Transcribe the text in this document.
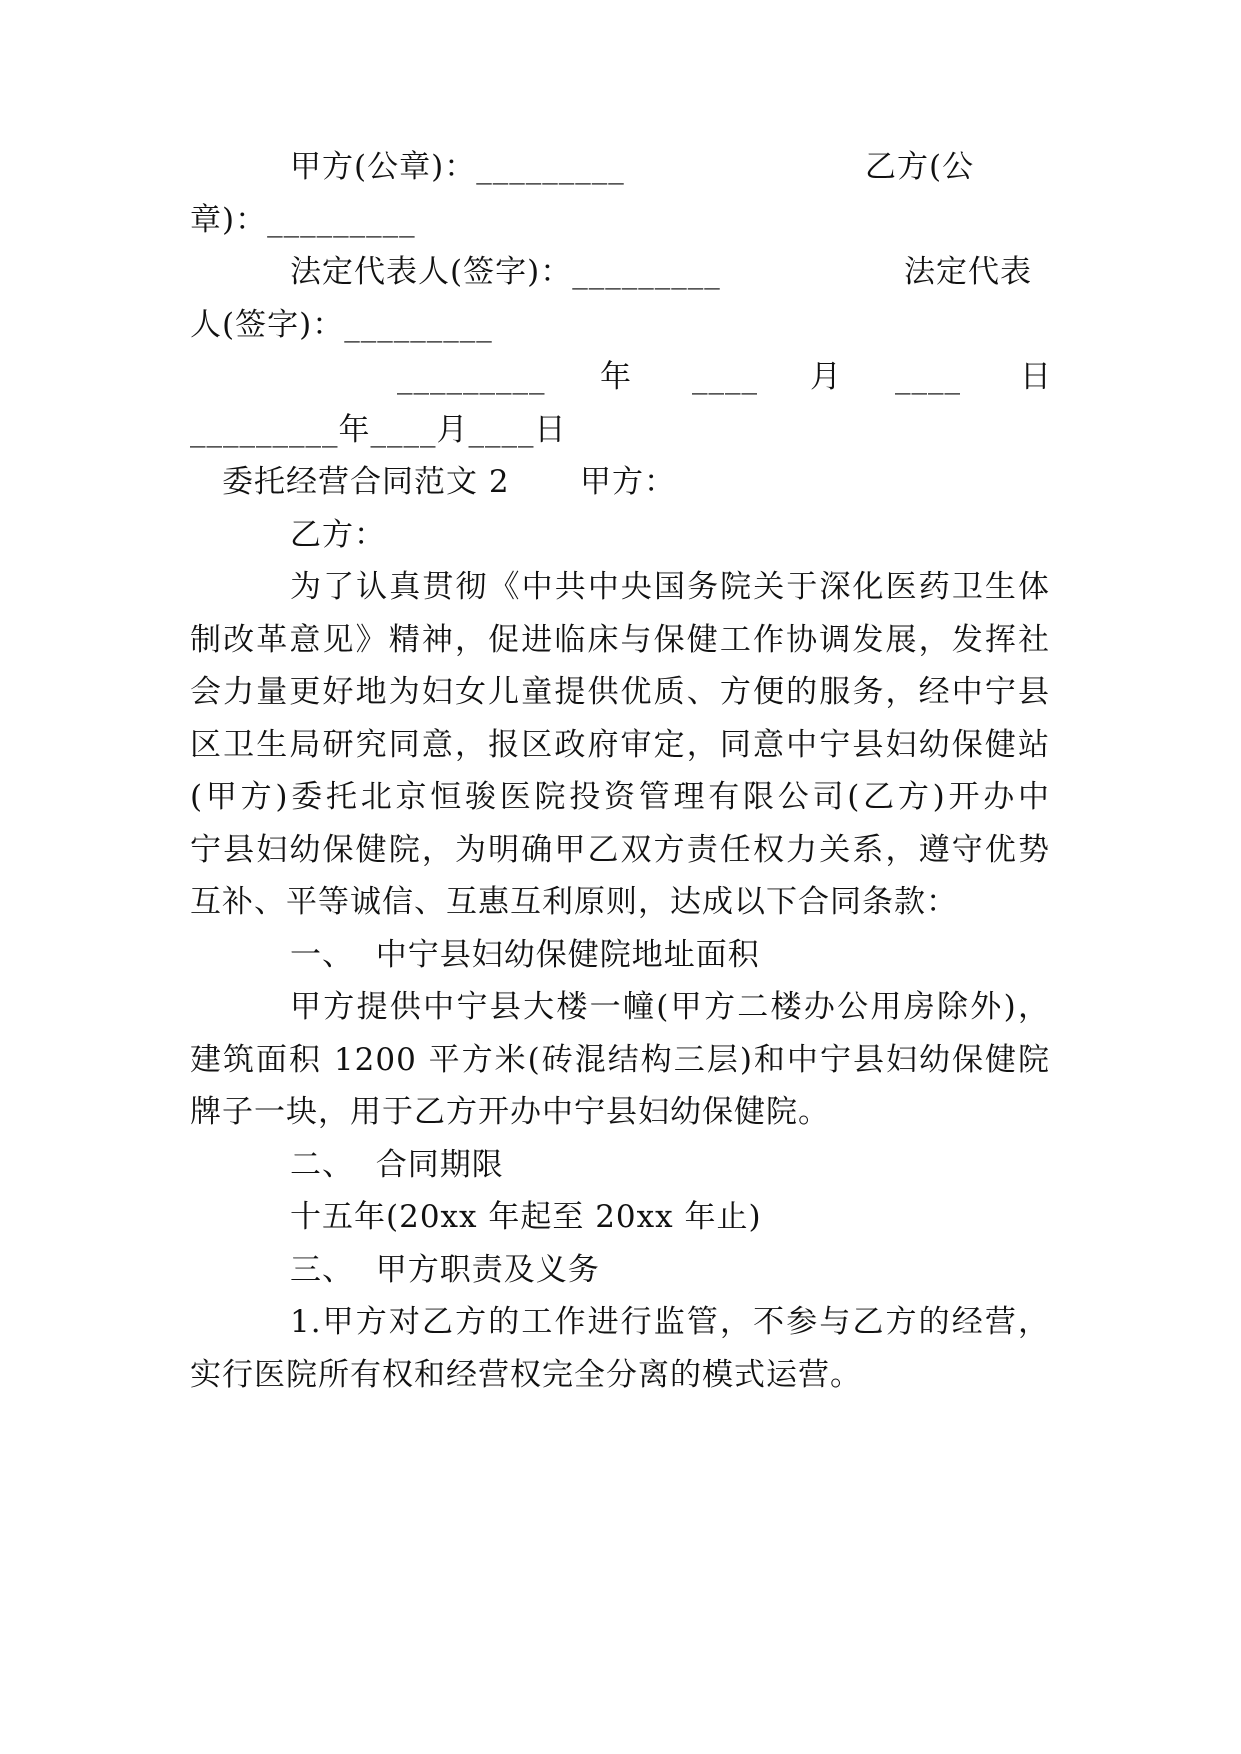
甲方(公章)：_________

	乙方(公

章)：_________

法定代表人(签字)：_________

	法定代表

人(签字)：_________

_________

年

____

月

____

日

_________年____月____日

委托经营合同范文 2

甲方：

乙方：
为了认真贯彻《中共中央国务院关于深化医药卫生体
制改革意见》精神，促进临床与保健工作协调发展，发挥社
会力量更好地为妇女儿童提供优质、方便的服务，经中宁县
区卫生局研究同意，报区政府审定，同意中宁县妇幼保健站
(甲方)委托北京恒骏医院投资管理有限公司(乙方)开办中
宁县妇幼保健院，为明确甲乙双方责任权力关系，遵守优势
互补、平等诚信、互惠互利原则，达成以下合同条款：
一、  中宁县妇幼保健院地址面积
甲方提供中宁县大楼一幢(甲方二楼办公用房除外)，
建筑面积 1200 平方米(砖混结构三层)和中宁县妇幼保健院
牌子一块，用于乙方开办中宁县妇幼保健院。
二、  合同期限
十五年(20xx 年起至 20xx 年止)
三、  甲方职责及义务
1.甲方对乙方的工作进行监管，不参与乙方的经营，
实行医院所有权和经营权完全分离的模式运营。
